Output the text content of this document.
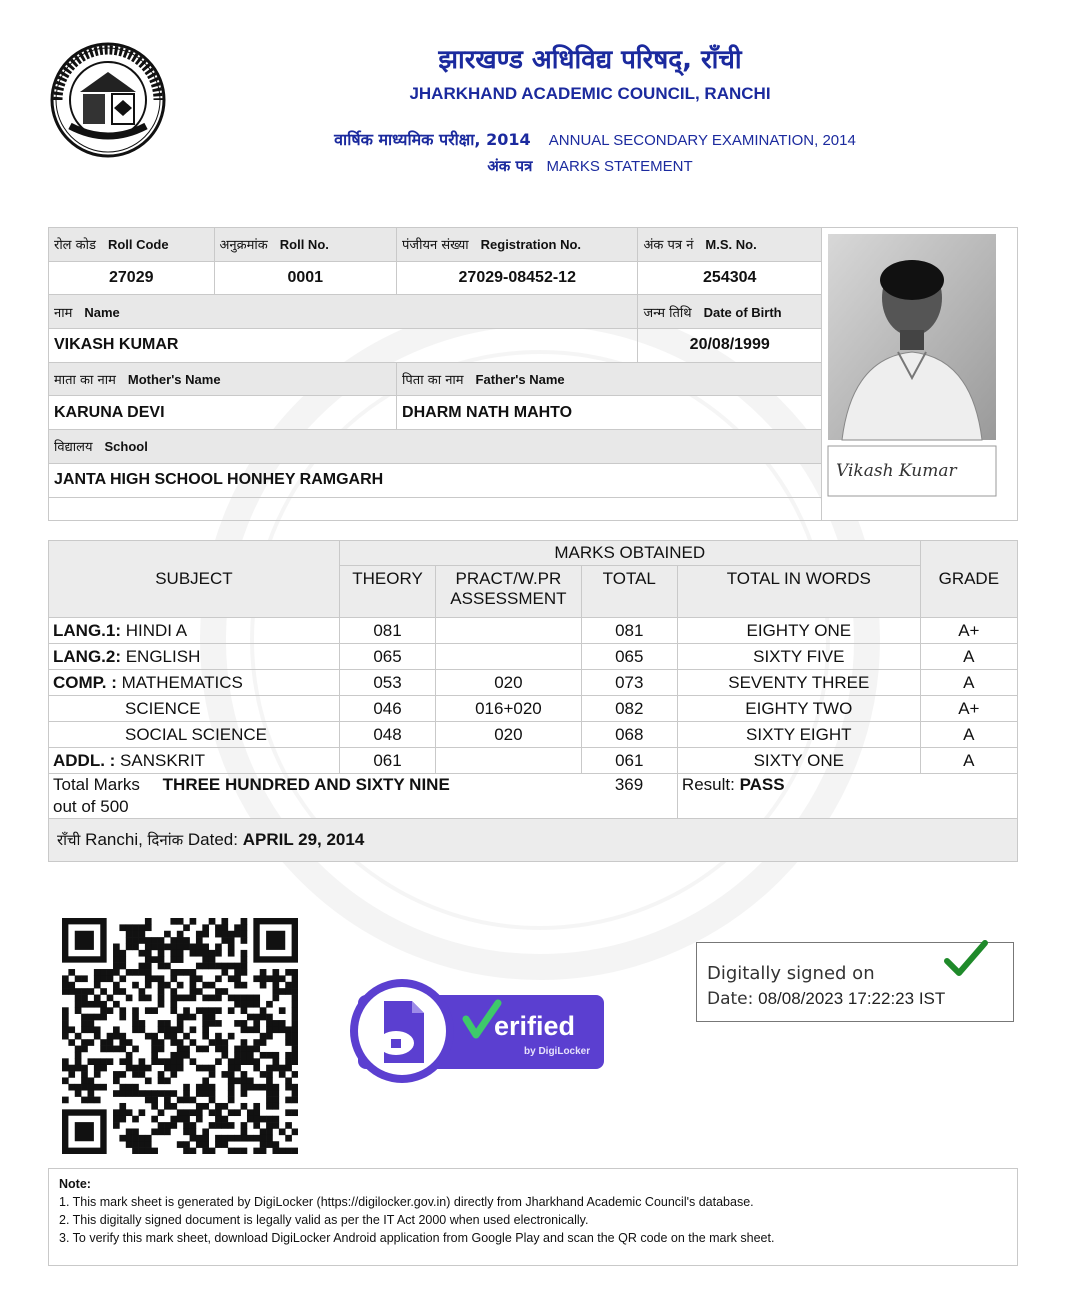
झारखण्ड अधिविद्य परिषद्, राँची
JHARKHAND ACADEMIC COUNCIL, RANCHI
वार्षिक माध्यमिक परीक्षा, 2014 ANNUAL SECONDARY EXAMINATION, 2014
अंक पत्र MARKS STATEMENT
रोल कोड Roll Code	अनुक्रमांक Roll No.	पंजीयन संख्या Registration No.	अंक पत्र नं M.S. No.	Vikash Kumar

27029	0001	27029-08452-12	254304	
नाम Name			जन्म तिथि Date of Birth	
VIKASH KUMAR			20/08/1999	
माता का नाम Mother's Name		पिता का नाम Father's Name		
KARUNA DEVI		DHARM NATH MAHTO		
विद्यालय School				
JANTA HIGH SCHOOL HONHEY RAMGARH				

SUBJECT	MARKS OBTAINED				GRADE
	THEORY	PRACT/W.PR ASSESSMENT	TOTAL	TOTAL IN WORDS	
LANG.1: HINDI A	081		081	EIGHTY ONE	A+
LANG.2: ENGLISH	065		065	SIXTY FIVE	A
COMP. : MATHEMATICS	053	020	073	SEVENTY THREE	A
SCIENCE	046	016+020	082	EIGHTY TWO	A+
SOCIAL SCIENCE	048	020	068	SIXTY EIGHT	A
ADDL. : SANSKRIT	061		061	SIXTY ONE	A
Total Marks THREE HUNDRED AND SIXTY NINE
out of 500			369	Result: PASS	
राँची Ranchi, दिनांक Dated: APRIL 29, 2014					
erified
by DigiLocker
Digitally signed on
Date: 08/08/2023 17:22:23 IST
Note:
1. This mark sheet is generated by DigiLocker (https://digilocker.gov.in) directly from Jharkhand Academic Council's database.
2. This digitally signed document is legally valid as per the IT Act 2000 when used electronically.
3. To verify this mark sheet, download DigiLocker Android application from Google Play and scan the QR code on the mark sheet.
